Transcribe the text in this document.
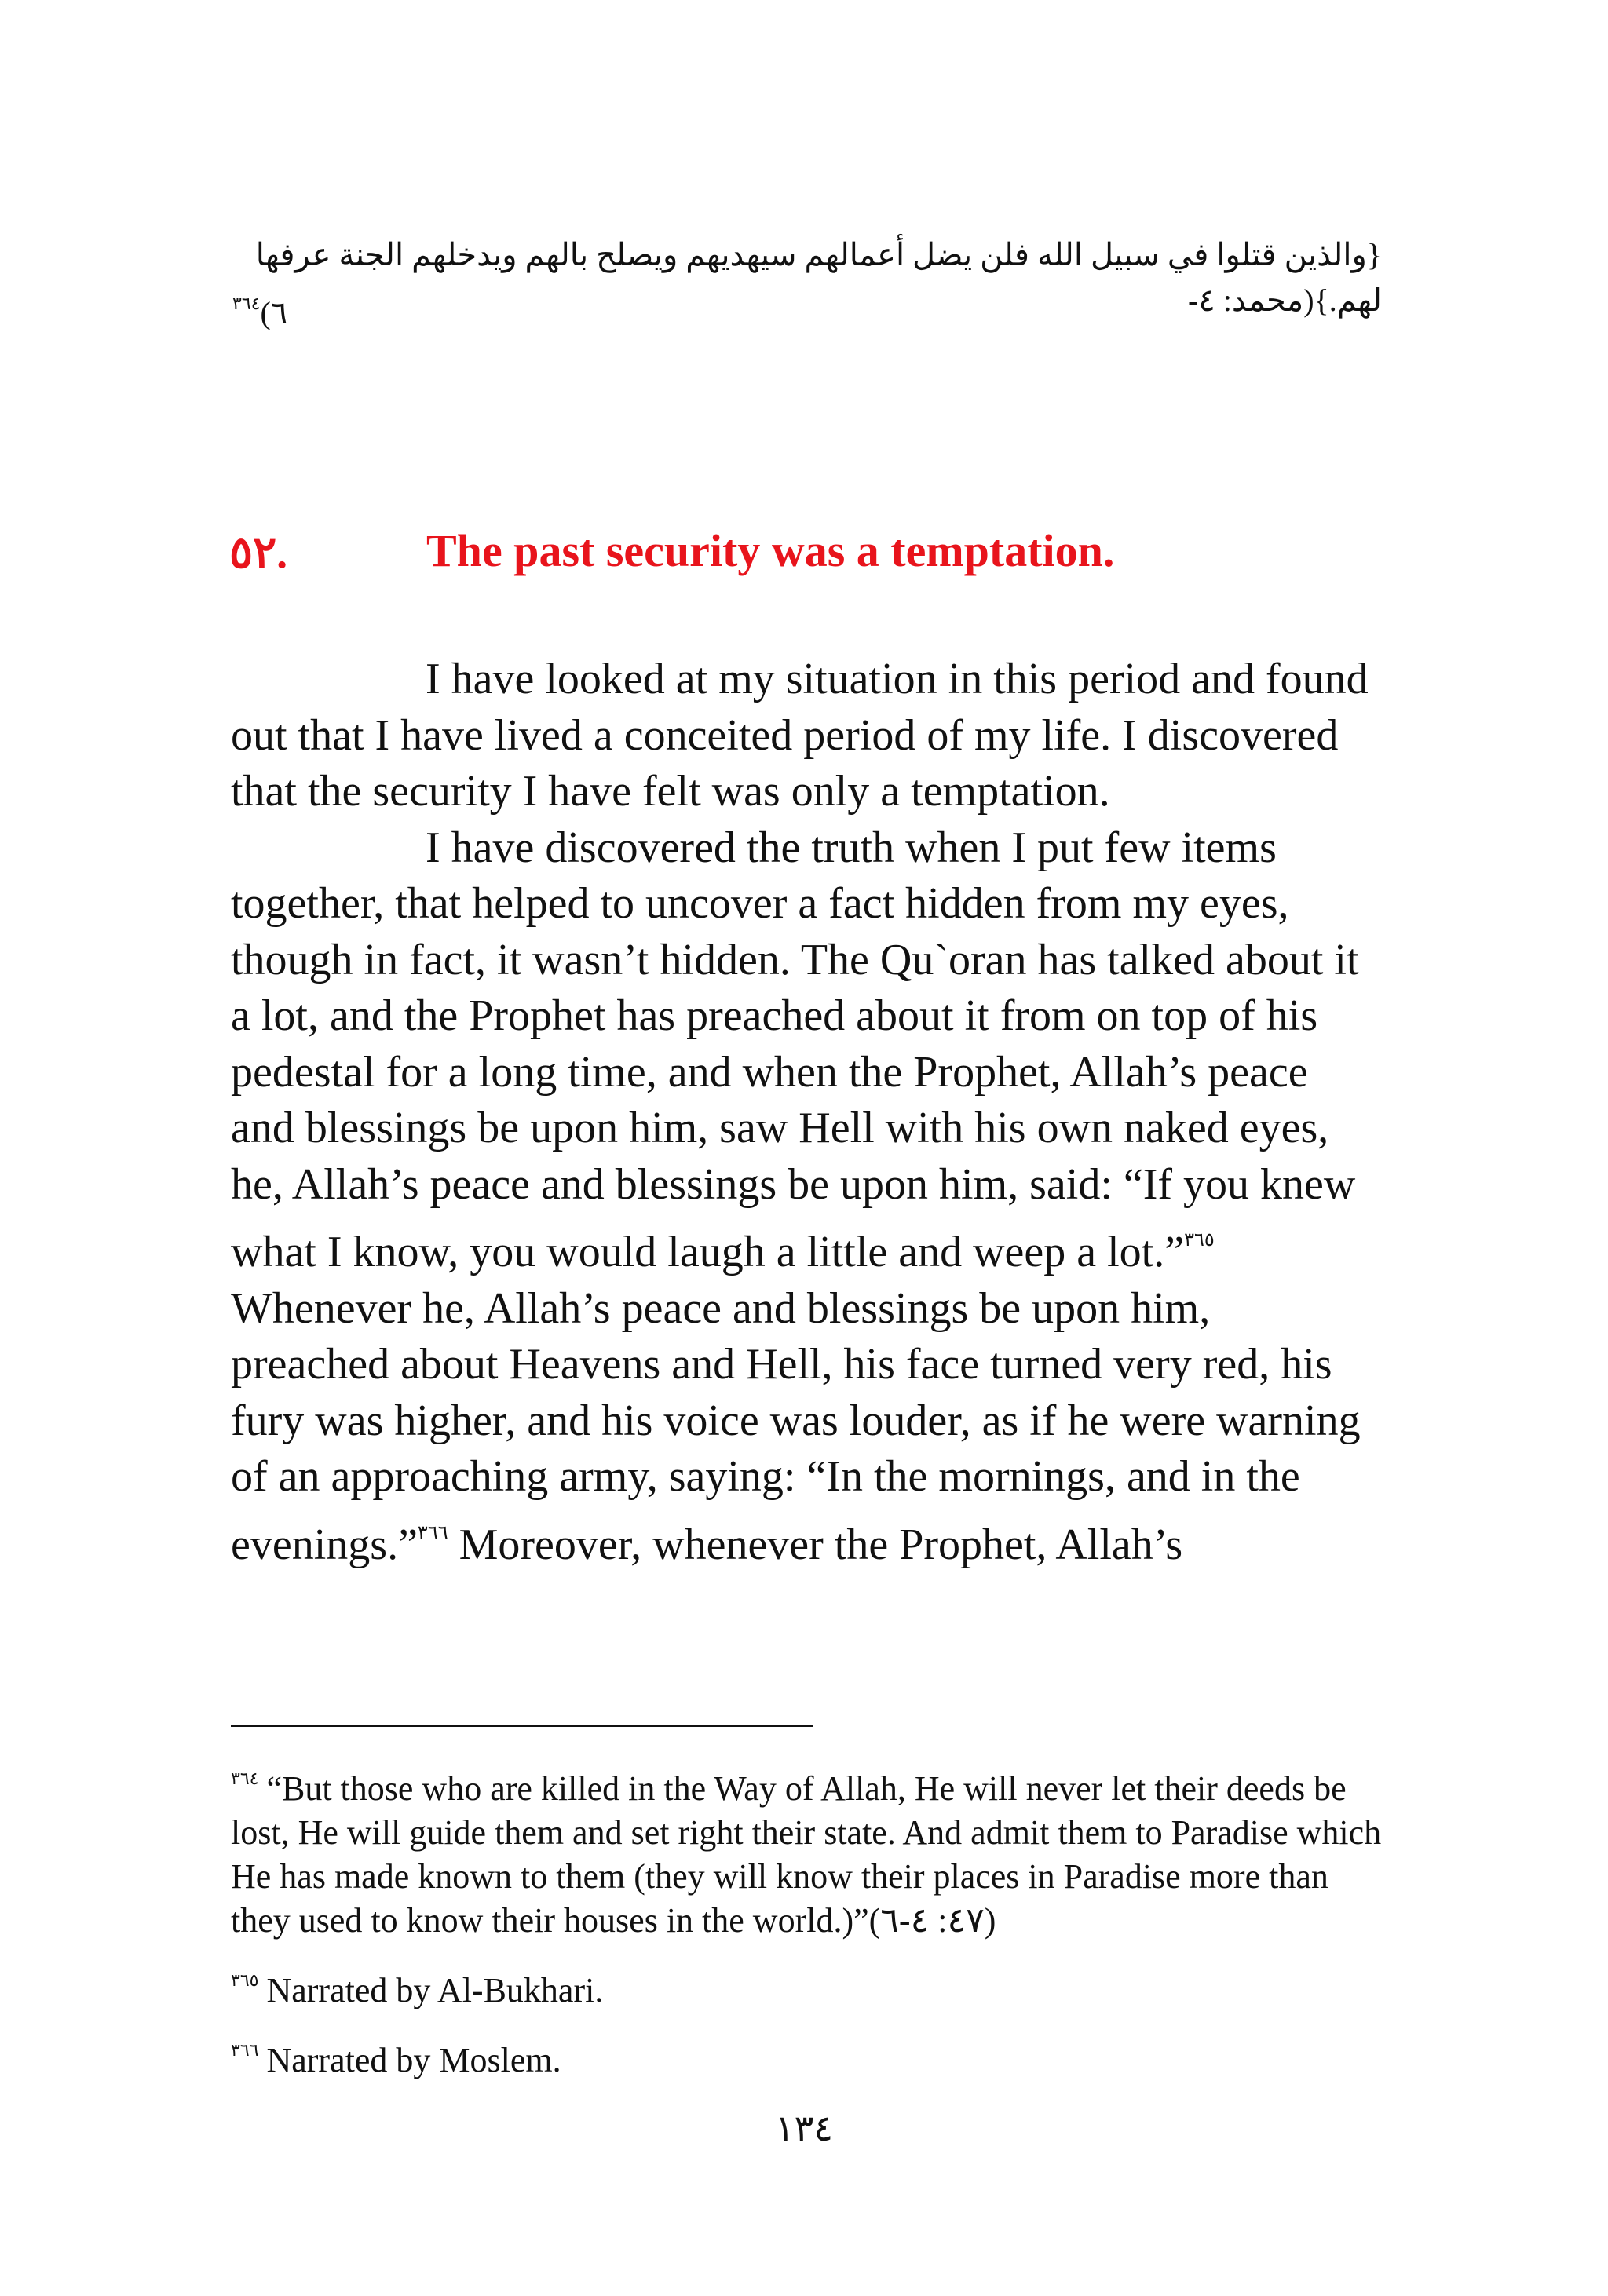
{والذين قتلوا في سبيل الله فلن يضل أعمالهم سيهديهم ويصلح بالهم ويدخلهم الجنة عرفها لهم.}(محمد: ٤-
٦)$^{٣٦٤}$
٥٢.	The past security was a temptation.

I have looked at my situation in this period and found out that I have lived a conceited period of my life. I discovered that the security I have felt was only a temptation.

I have discovered the truth when I put few items together, that helped to uncover a fact hidden from my eyes, though in fact, it wasn’t hidden. The Qu`oran has talked about it a lot, and the Prophet has preached about it from on top of his pedestal for a long time, and when the Prophet, Allah’s peace and blessings be upon him, saw Hell with his own naked eyes, he, Allah’s peace and blessings be upon him, said: “If you knew what I know, you would laugh a little and weep a lot.”$^{٣٦٥}$ Whenever he, Allah’s peace and blessings be upon him, preached about Heavens and Hell, his face turned very red, his fury was higher, and his voice was louder, as if he were warning of an approaching army, saying: “In the mornings, and in the evenings.”$^{٣٦٦}$ Moreover, whenever the Prophet, Allah’s

$^{٣٦٤}$ “But those who are killed in the Way of Allah, He will never let their deeds be lost, He will guide them and set right their state. And admit them to Paradise which He has made known to them (they will know their places in Paradise more than they used to know their houses in the world.)”(٤٧: ٤-٦)

$^{٣٦٥}$ Narrated by Al-Bukhari.

$^{٣٦٦}$ Narrated by Moslem.

١٣٤
